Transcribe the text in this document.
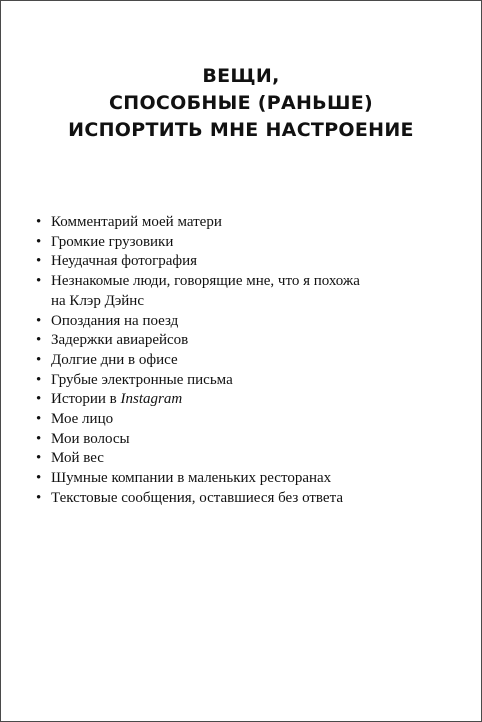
ВЕЩИ,
СПОСОБНЫЕ (РАНЬШЕ)
ИСПОРТИТЬ МНЕ НАСТРОЕНИЕ
• Комментарий моей матери
• Громкие грузовики
• Неудачная фотография
• Незнакомые люди, говорящие мне, что я похожа
на Клэр Дэйнс
• Опоздания на поезд
• Задержки авиарейсов
• Долгие дни в офисе
• Грубые электронные письма
• Истории в Instagram
• Мое лицо
• Мои волосы
• Мой вес
• Шумные компании в маленьких ресторанах
• Текстовые сообщения, оставшиеся без ответа
